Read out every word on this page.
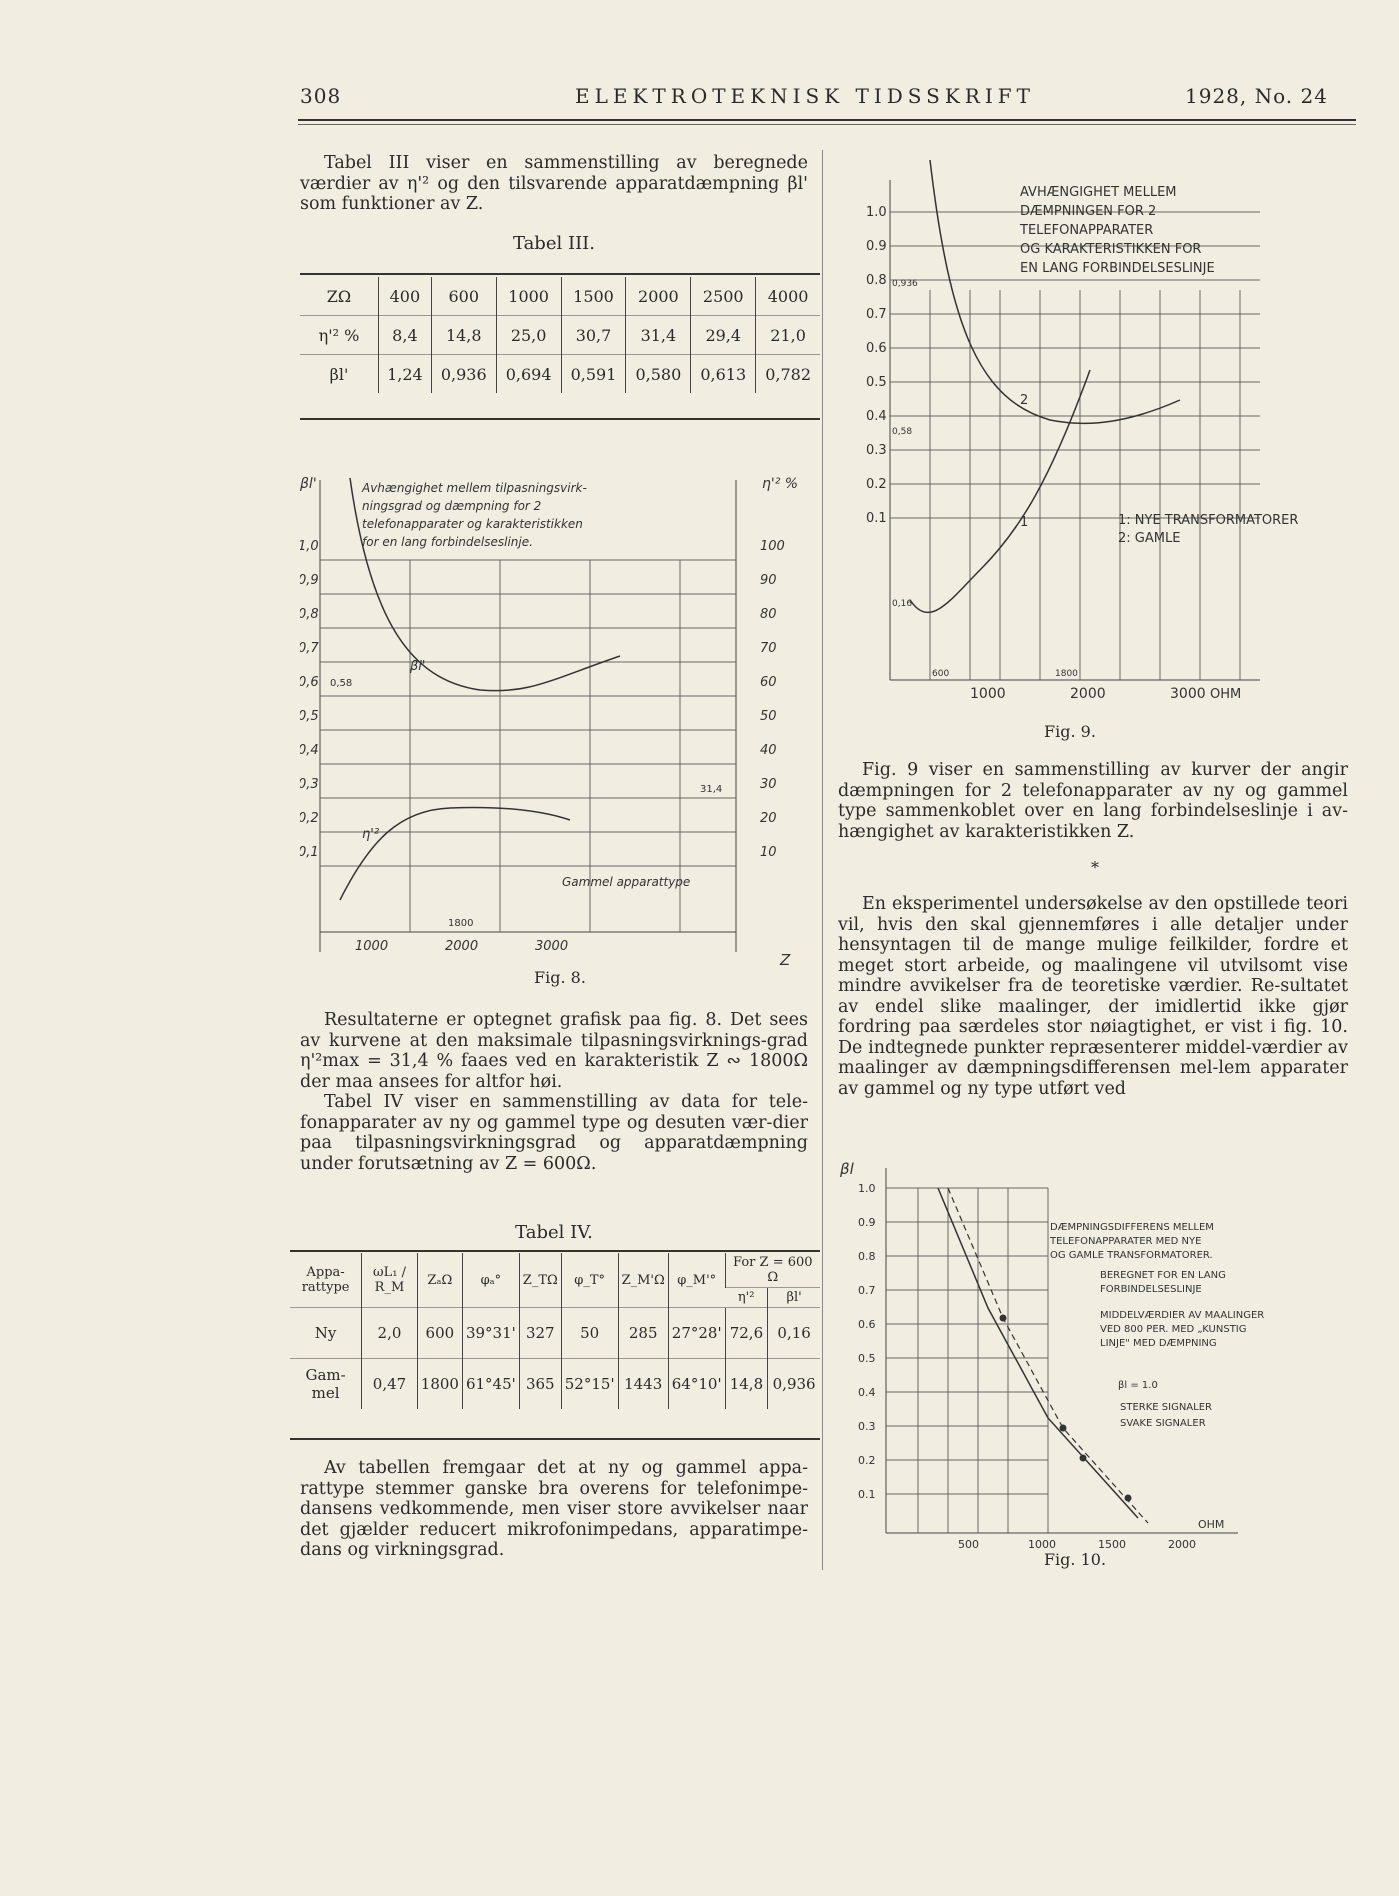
308	ELEKTROTEKNISK TIDSSKRIFT	1928, No. 24

Tabel III viser en sammenstilling av beregnede værdier av η'² og den tilsvarende apparatdæmpning βl' som funktioner av Z.

Tabel III.
ZΩ	400	600	1000	1500	2000	2500	4000
η'² %	8,4	14,8	25,0	30,7	31,4	29,4	21,0
βl'	1,24	0,936	0,694	0,591	0,580	0,613	0,782
βl'	η'² %
1,0
0,9
0,8
0,7
0,6
0,5
0,4
0,3
0,2
0,1
100
90
80
70
60
50
40
30
20
10
1000	2000	3000
Z
Avhængighet mellem tilpasningsvirk-
ningsgrad og dæmpning for 2
telefonapparater og karakteristikken
for en lang forbindelseslinje.
βl'
η'²
0,58
31,4
1800
Gammel apparattype
Fig. 8.

Resultaterne er optegnet grafisk paa fig. 8. Det sees av kurvene at den maksimale tilpasningsvirknings-grad η'²max = 31,4 % faaes ved en karakteristik Z ∾ 1800Ω der maa ansees for altfor høi.

Tabel IV viser en sammenstilling av data for tele-fonapparater av ny og gammel type og desuten vær-dier paa tilpasningsvirkningsgrad og apparatdæmpning under forutsætning av Z = 600Ω.

Tabel IV.
Appa-rattype	ωL₁ / R_M	ZₐΩ	φₐ°	Z_TΩ	φ_T°	Z_M'Ω	φ_M'°	For Z = 600 Ω	
								η'²	βl'
Ny	2,0	600	39°31'	327	50	285	27°28'	72,6	0,16
Gam-mel	0,47	1800	61°45'	365	52°15'	1443	64°10'	14,8	0,936

Av tabellen fremgaar det at ny og gammel appa-rattype stemmer ganske bra overens for telefonimpe-dansens vedkommende, men viser store avvikelser naar det gjælder reducert mikrofonimpedans, apparatimpe-dans og virkningsgrad.

1.0
0.9
0.8
0.7
0.6
0.5
0.4
0.3
0.2
0.1
1000	2000	3000 OHM
AVHÆNGIGHET MELLEM
DÆMPNINGEN FOR 2
TELEFONAPPARATER
OG KARAKTERISTIKKEN FOR
EN LANG FORBINDELSESLINJE
0,936
0,58
0,16
600	1800
2
1	1: NYE TRANSFORMATORER
2: GAMLE
Fig. 9.

Fig. 9 viser en sammenstilling av kurver der angir dæmpningen for 2 telefonapparater av ny og gammel type sammenkoblet over en lang forbindelseslinje i av-hængighet av karakteristikken Z.

*

En eksperimentel undersøkelse av den opstillede teori vil, hvis den skal gjennemføres i alle detaljer under hensyntagen til de mange mulige feilkilder, fordre et meget stort arbeide, og maalingene vil utvilsomt vise mindre avvikelser fra de teoretiske værdier. Re-sultatet av endel slike maalinger, der imidlertid ikke gjør fordring paa særdeles stor nøiagtighet, er vist i fig. 10. De indtegnede punkter repræsenterer middel-værdier av maalinger av dæmpningsdifferensen mel-lem apparater av gammel og ny type utført ved

βl
1.0
0.9
0.8
0.7
0.6
0.5
0.4
0.3
0.2
0.1
500	1000	1500	2000
OHM
DÆMPNINGSDIFFERENS MELLEM
TELEFONAPPARATER MED NYE
OG GAMLE TRANSFORMATORER.
BEREGNET FOR EN LANG
FORBINDELSESLINJE
MIDDELVÆRDIER AV MAALINGER
VED 800 PER. MED „KUNSTIG
LINJE" MED DÆMPNING
βl = 1.0
STERKE SIGNALER
SVAKE SIGNALER
Fig. 10.
